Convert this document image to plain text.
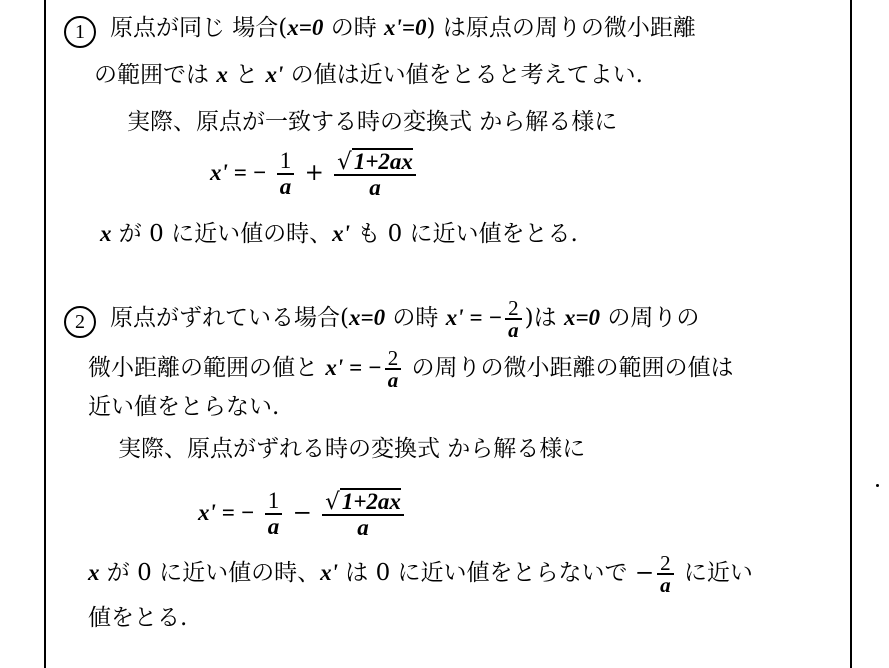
1 原点が同じ 場合(x=0 の時 x'=0) は原点の周りの微小距離
の範囲では x と x' の値は近い値をとると考えてよい.
実際、原点が一致する時の変換式 から解る様に
x' = − $\frac{1}{a} + \frac{√1+2ax}{a}$
x が 0 に近い値の時、x' も 0 に近い値をとる.
2 原点がずれている場合(x=0 の時 x' = − $\frac{2}{a}$ )は x=0 の周りの
微小距離の範囲の値と x' = − $\frac{2}{a}$ の周りの微小距離の範囲の値は
近い値をとらない.
実際、原点がずれる時の変換式 から解る様に
x' = − $\frac{1}{a} - \frac{√1+2ax}{a}$
x が 0 に近い値の時、x' は 0 に近い値をとらないで − $\frac{2}{a}$ に近い
値をとる.
